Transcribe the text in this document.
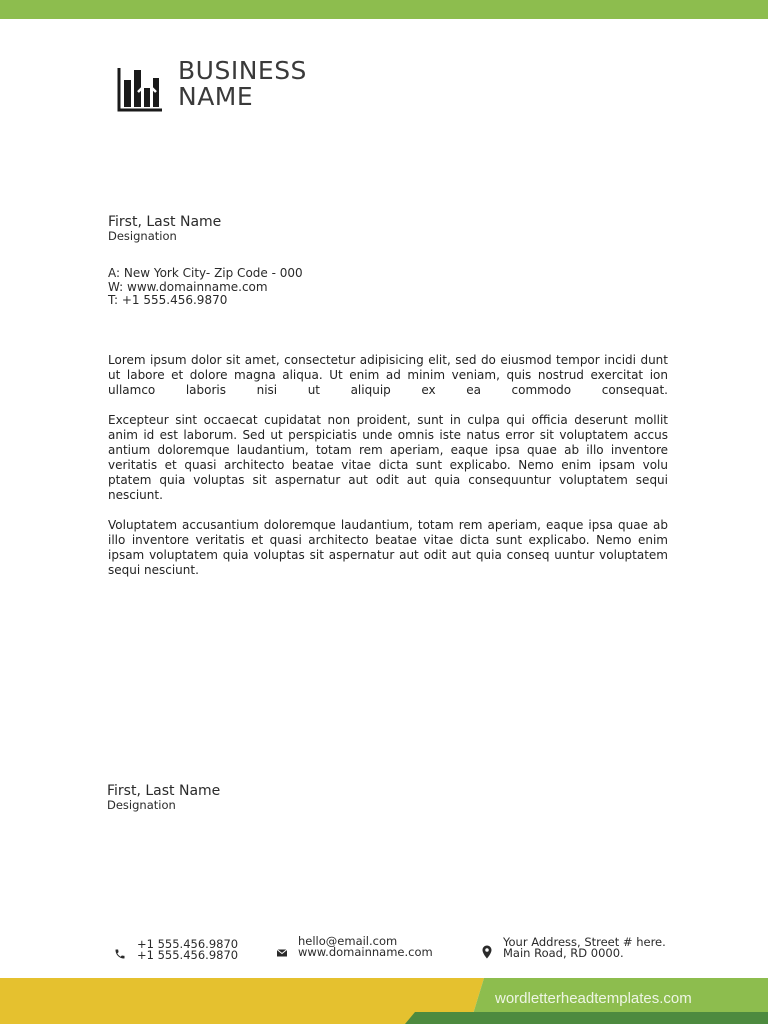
BUSINESS
NAME
First, Last Name
Designation
A: New York City- Zip Code - 000
W: www.domainname.com
T: +1 555.456.9870

Lorem ipsum dolor sit amet, consectetur adipisicing elit, sed do eiusmod tempor incidi dunt ut labore et dolore magna aliqua. Ut enim ad minim veniam, quis nostrud exercitat ion ullamco laboris nisi ut aliquip ex ea commodo consequat.

Excepteur sint occaecat cupidatat non proident, sunt in culpa qui officia deserunt mollit anim id est laborum. Sed ut perspiciatis unde omnis iste natus error sit voluptatem accus antium doloremque laudantium, totam rem aperiam, eaque ipsa quae ab illo inventore veritatis et quasi architecto beatae vitae dicta sunt explicabo. Nemo enim ipsam volu ptatem quia voluptas sit aspernatur aut odit aut quia consequuntur voluptatem sequi nesciunt.

Voluptatem accusantium doloremque laudantium, totam rem aperiam, eaque ipsa quae ab illo inventore veritatis et quasi architecto beatae vitae dicta sunt explicabo. Nemo enim ipsam voluptatem quia voluptas sit aspernatur aut odit aut quia conseq uuntur voluptatem sequi nesciunt.

First, Last Name
Designation
+1 555.456.9870
+1 555.456.9870
hello@email.com
www.domainname.com
Your Address, Street # here.
Main Road, RD 0000.
wordletterheadtemplates.com
